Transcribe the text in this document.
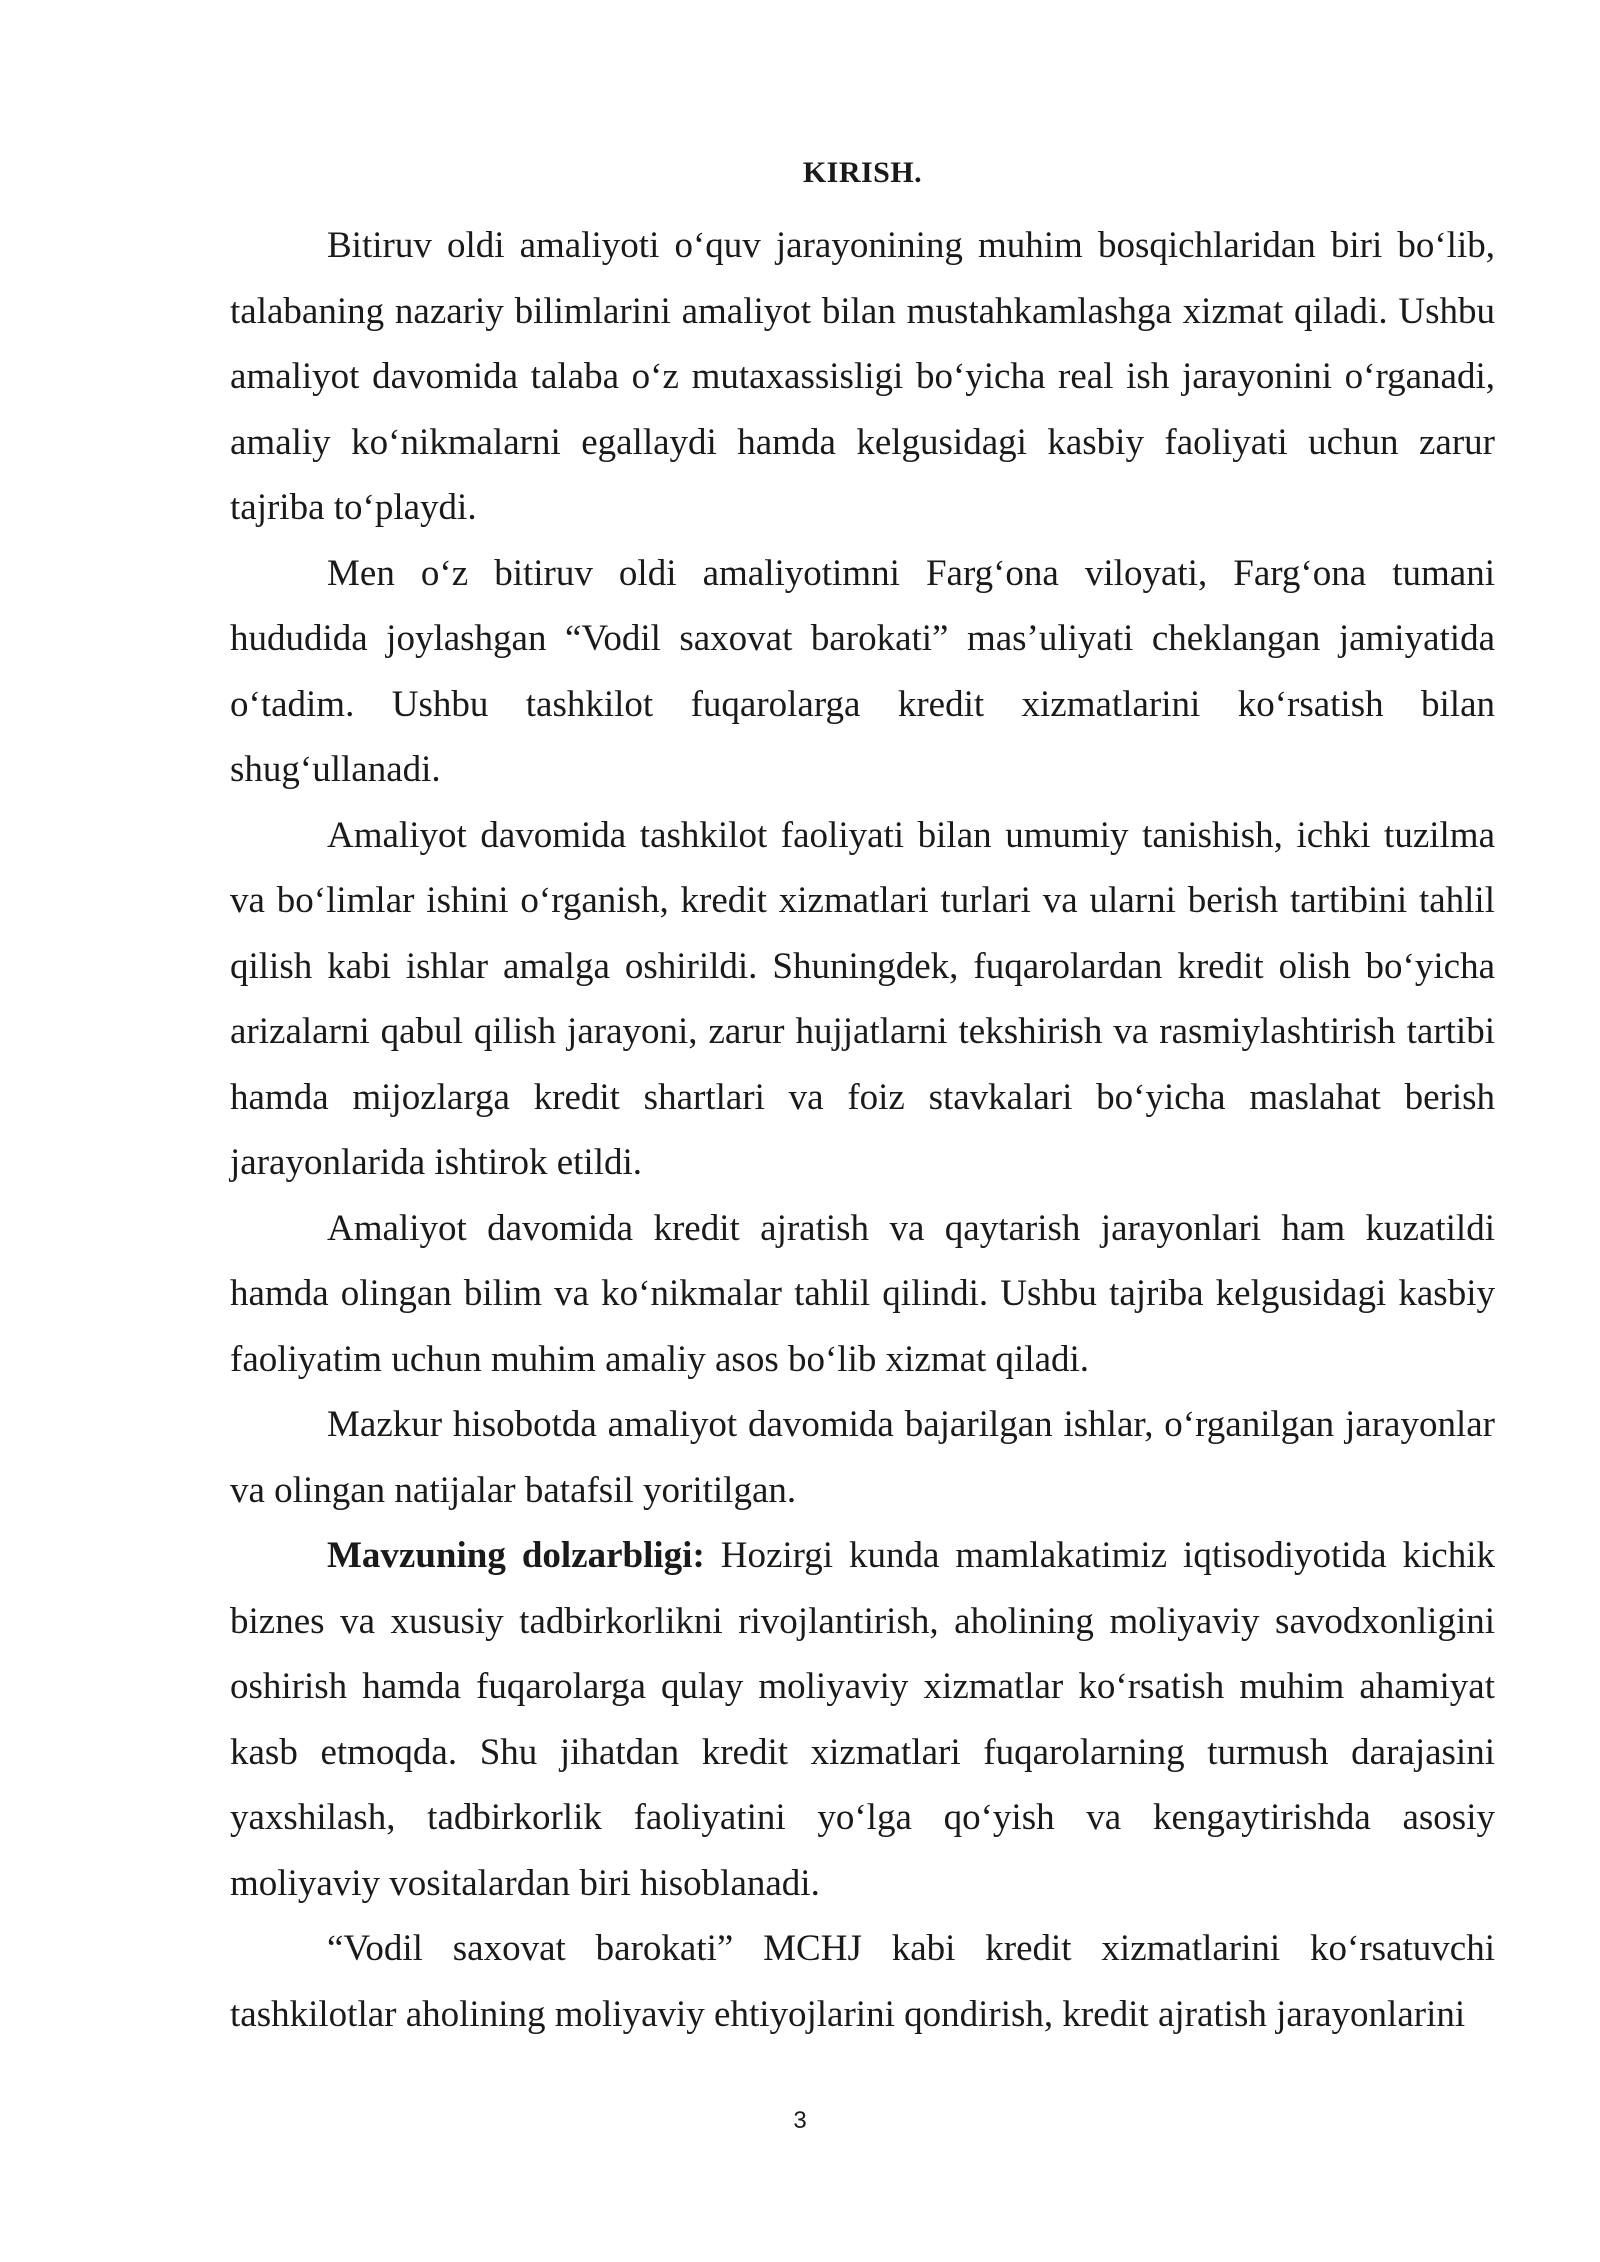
KIRISH.

Bitiruv oldi amaliyoti o‘quv jarayonining muhim bosqichlaridan biri bo‘lib, talabaning nazariy bilimlarini amaliyot bilan mustahkamlashga xizmat qiladi. Ushbu amaliyot davomida talaba o‘z mutaxassisligi bo‘yicha real ish jarayonini o‘rganadi, amaliy ko‘nikmalarni egallaydi hamda kelgusidagi kasbiy faoliyati uchun zarur tajriba to‘playdi.

Men o‘z bitiruv oldi amaliyotimni Farg‘ona viloyati, Farg‘ona tumani hududida joylashgan “Vodil saxovat barokati” mas’uliyati cheklangan jamiyatida o‘tadim. Ushbu tashkilot fuqarolarga kredit xizmatlarini ko‘rsatish bilan shug‘ullanadi.

Amaliyot davomida tashkilot faoliyati bilan umumiy tanishish, ichki tuzilma va bo‘limlar ishini o‘rganish, kredit xizmatlari turlari va ularni berish tartibini tahlil qilish kabi ishlar amalga oshirildi. Shuningdek, fuqarolardan kredit olish bo‘yicha arizalarni qabul qilish jarayoni, zarur hujjatlarni tekshirish va rasmiylashtirish tartibi hamda mijozlarga kredit shartlari va foiz stavkalari bo‘yicha maslahat berish jarayonlarida ishtirok etildi.

Amaliyot davomida kredit ajratish va qaytarish jarayonlari ham kuzatildi hamda olingan bilim va ko‘nikmalar tahlil qilindi. Ushbu tajriba kelgusidagi kasbiy faoliyatim uchun muhim amaliy asos bo‘lib xizmat qiladi.

Mazkur hisobotda amaliyot davomida bajarilgan ishlar, o‘rganilgan jarayonlar va olingan natijalar batafsil yoritilgan.

Mavzuning dolzarbligi: Hozirgi kunda mamlakatimiz iqtisodiyotida kichik biznes va xususiy tadbirkorlikni rivojlantirish, aholining moliyaviy savodxonligini oshirish hamda fuqarolarga qulay moliyaviy xizmatlar ko‘rsatish muhim ahamiyat kasb etmoqda. Shu jihatdan kredit xizmatlari fuqarolarning turmush darajasini yaxshilash, tadbirkorlik faoliyatini yo‘lga qo‘yish va kengaytirishda asosiy moliyaviy vositalardan biri hisoblanadi.

“Vodil saxovat barokati” MCHJ kabi kredit xizmatlarini ko‘rsatuvchi tashkilotlar aholining moliyaviy ehtiyojlarini qondirish, kredit ajratish jarayonlarini

3
